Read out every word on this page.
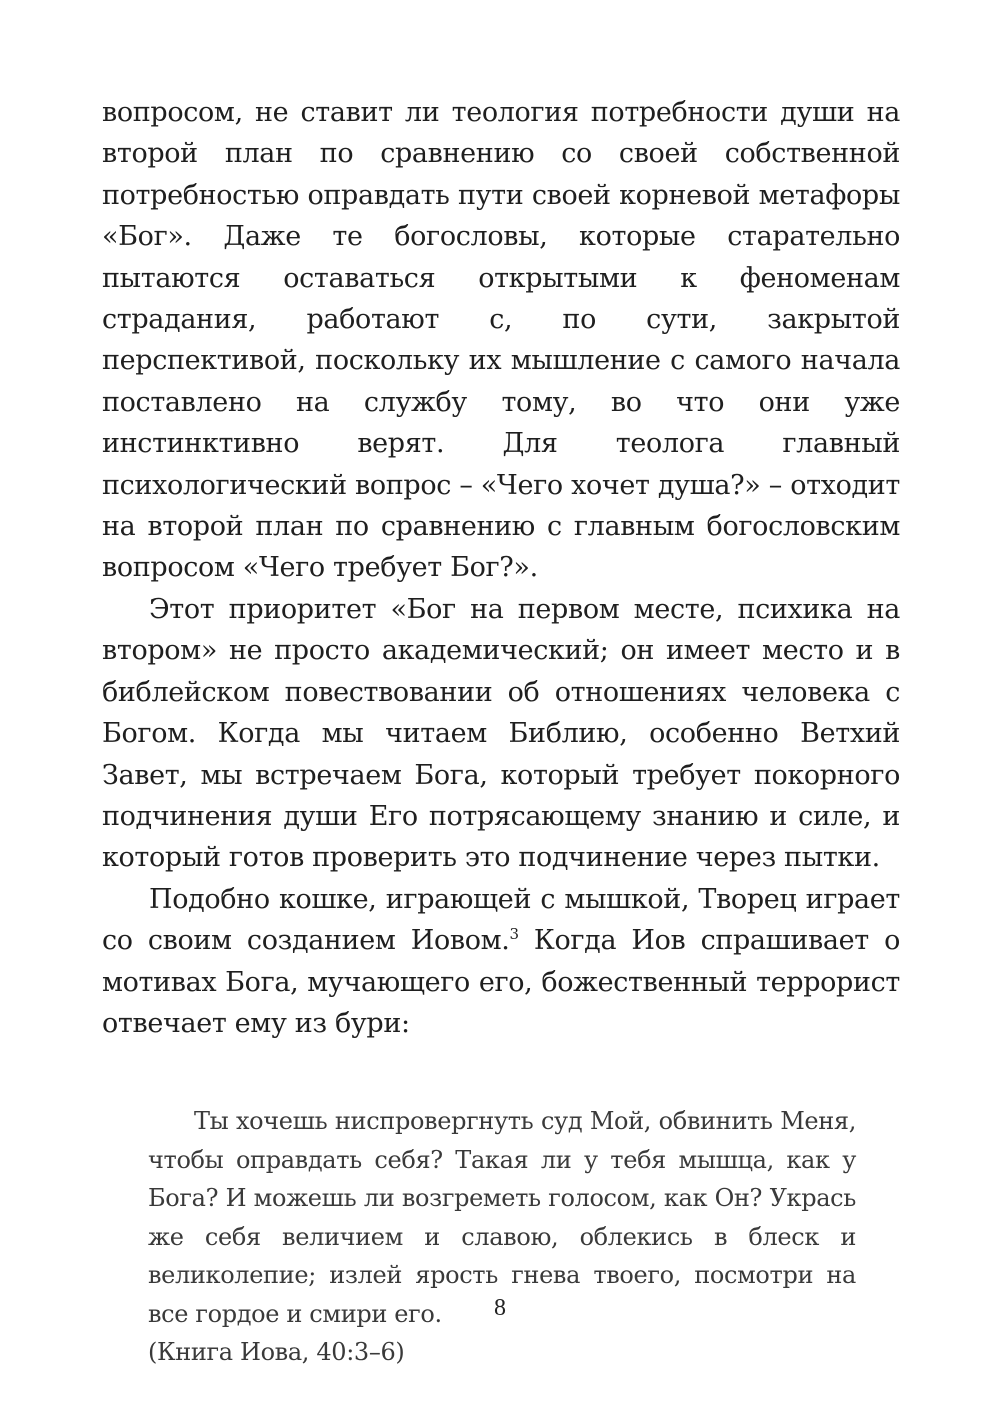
вопросом, не ставит ли теология потребности души на второй план по сравнению со своей собственной потребностью оправдать пути своей корневой метафоры «Бог». Даже те богословы, которые старательно пытаются оставаться открытыми к феноменам страдания, работают с, по сути, закрытой перспективой, поскольку их мышление с самого начала поставлено на службу тому, во что они уже инстинктивно верят. Для теолога главный психологический вопрос – «Чего хочет душа?» – отходит на второй план по сравнению с главным богословским вопросом «Чего требует Бог?».

Этот приоритет «Бог на первом месте, психика на втором» не просто академический; он имеет место и в библейском повествовании об отношениях человека с Богом. Когда мы читаем Библию, особенно Ветхий Завет, мы встречаем Бога, который требует покорного подчинения души Его потрясающему знанию и силе, и который готов проверить это подчинение через пытки.

Подобно кошке, играющей с мышкой, Творец играет со своим созданием Иовом.$^3$ Когда Иов спрашивает о мотивах Бога, мучающего его, божественный террорист отвечает ему из бури:

Ты хочешь ниспровергнуть суд Мой, обвинить Меня, чтобы оправдать себя? Такая ли у тебя мышца, как у Бога? И можешь ли возгреметь голосом, как Он? Укрась же себя величием и славою, облекись в блеск и великолепие; излей ярость гнева твоего, посмотри на все гордое и смири его.
(Книга Иова, 40:3–6)
8
